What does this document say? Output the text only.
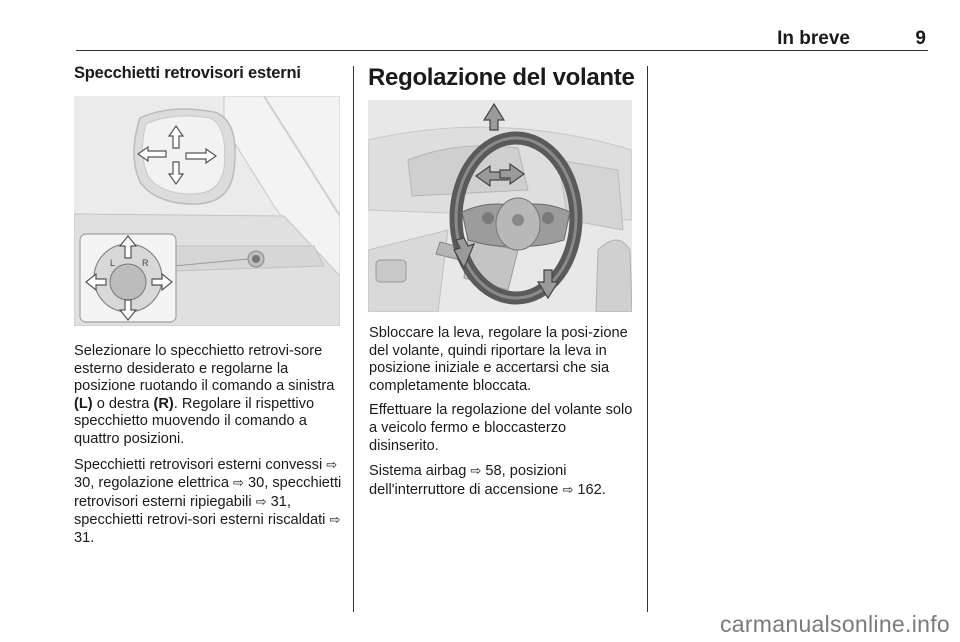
In breve	9
Specchietti retrovisori esterni
L	R

Selezionare lo specchietto retrovi-sore esterno desiderato e regolarne la posizione ruotando il comando a sinistra (L) o destra (R). Regolare il rispettivo specchietto muovendo il comando a quattro posizioni.

Specchietti retrovisori esterni convessi ⇨ 30, regolazione elettrica ⇨ 30, specchietti retrovisori esterni ripiegabili ⇨ 31, specchietti retrovi-sori esterni riscaldati ⇨ 31.

Regolazione del volante

Sbloccare la leva, regolare la posi-zione del volante, quindi riportare la leva in posizione iniziale e accertarsi che sia completamente bloccata.

Effettuare la regolazione del volante solo a veicolo fermo e bloccasterzo disinserito.

Sistema airbag ⇨ 58, posizioni dell'interruttore di accensione ⇨ 162.

carmanualsonline.info
